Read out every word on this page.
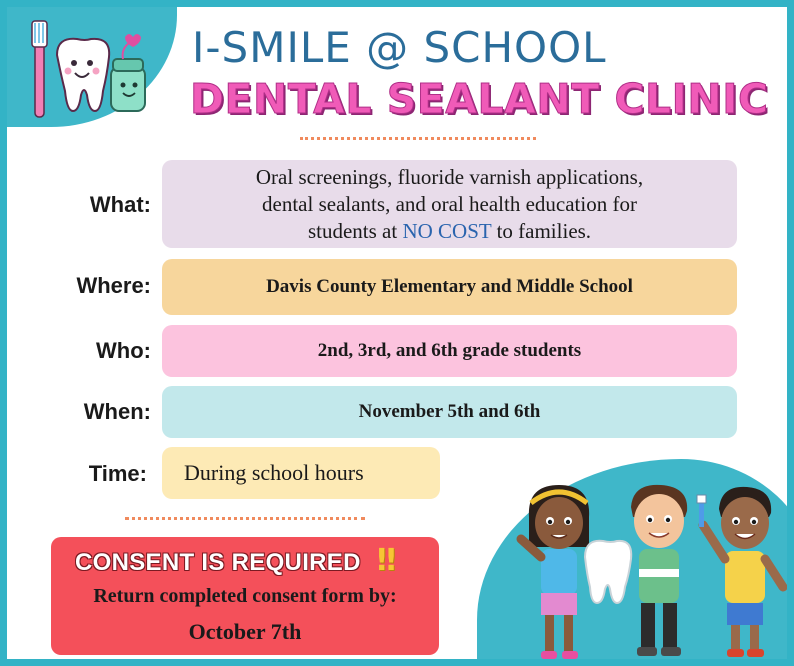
I-SMILE @ SCHOOL
DENTAL SEALANT CLINIC
What:
Oral screenings, fluoride varnish applications,
dental sealants, and oral health education for
students at NO COST to families.
Where:	Davis County Elementary and Middle School
Who:	2nd, 3rd, and 6th grade students
When:	November 5th and 6th
Time: During school hours
CONSENT IS REQUIRED ‼
Return completed consent form by:
October 7th
